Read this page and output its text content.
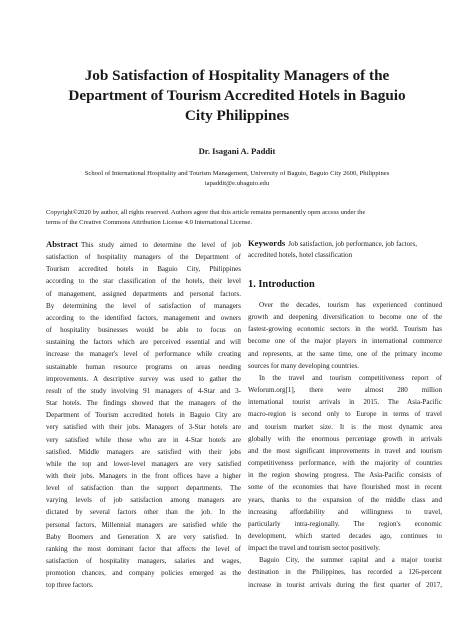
Job Satisfaction of Hospitality Managers of the
Department of Tourism Accredited Hotels in Baguio
City Philippines
Dr. Isagani A. Paddit
School of International Hospitality and Tourism Management, University of Baguio, Baguio City 2600, Philippines
iapaddit@e.ubaguio.edu
Copyright©2020 by author, all rights reserved. Authors agree that this article remains permanently open access under the
terms of the Creative Commons Attribution License 4.0 International License.
Abstract This study aimed to determine the level of job
satisfaction of hospitality managers of the Department of
Tourism accredited hotels in Baguio City, Philippines
according to the star classification of the hotels, their level
of management, assigned departments and personal factors.
By determining the level of satisfaction of managers
according to the identified factors, management and owners
of hospitality businesses would be able to focus on
sustaining the factors which are perceived essential and will
increase the manager's level of performance while creating
sustainable human resource programs on areas needing
improvements. A descriptive survey was used to gather the
result of the study involving 91 managers of 4-Star and 3-
Star hotels. The findings showed that the managers of the
Department of Tourism accredited hotels in Baguio City are
very satisfied with their jobs. Managers of 3-Star hotels are
very satisfied while those who are in 4-Star hotels are
satisfied. Middle managers are satisfied with their jobs
while the top and lower-level managers are very satisfied
with their jobs. Managers in the front offices have a higher
level of satisfaction than the support departments. The
varying levels of job satisfaction among managers are
dictated by several factors other than the job. In the
personal factors, Millennial managers are satisfied while the
Baby Boomers and Generation X are very satisfied. In
ranking the most dominant factor that affects the level of
satisfaction of hospitality managers, salaries and wages,
promotion chances, and company policies emerged as the
top three factors.
Keywords Job satisfaction, job performance, job factors,
accredited hotels, hotel classification
1. Introduction
Over the decades, tourism has experienced continued
growth and deepening diversification to become one of the
fastest-growing economic sectors in the world. Tourism has
become one of the major players in international commerce
and represents, at the same time, one of the primary income
sources for many developing countries.
In the travel and tourism competitiveness report of
Weforum.org[1], there were almost 280 million
international tourist arrivals in 2015. The Asia-Pacific
macro-region is second only to Europe in terms of travel
and tourism market size. It is the most dynamic area
globally with the enormous percentage growth in arrivals
and the most significant improvements in travel and tourism
competitiveness performance, with the majority of countries
in the region showing progress. The Asia-Pacific consists of
some of the economies that have flourished most in recent
years, thanks to the expansion of the middle class and
increasing affordability and willingness to travel,
particularly intra-regionally. The region's economic
development, which started decades ago, continues to
impact the travel and tourism sector positively.
Baguio City, the summer capital and a major tourist
destination in the Philippines, has recorded a 126-percent
increase in tourist arrivals during the first quarter of 2017,
